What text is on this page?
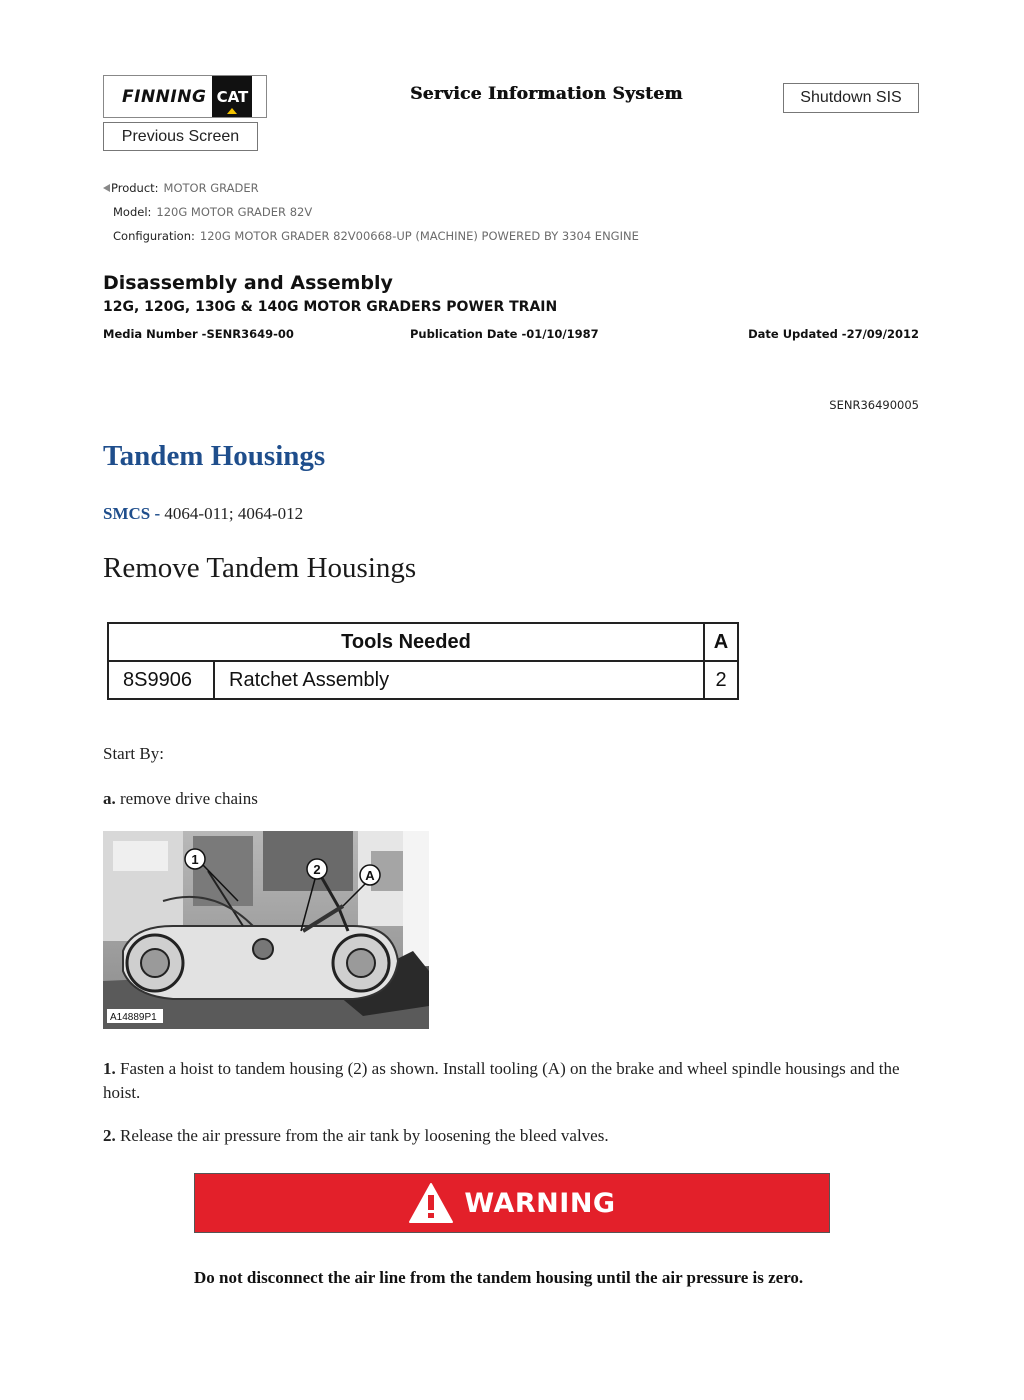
FINNING CAT	Service Information System	Shutdown SIS
Previous Screen
Product: MOTOR GRADER
Model: 120G MOTOR GRADER 82V
Configuration: 120G MOTOR GRADER 82V00668-UP (MACHINE) POWERED BY 3304 ENGINE
Disassembly and Assembly
12G, 120G, 130G & 140G MOTOR GRADERS POWER TRAIN
Media Number -SENR3649-00	Publication Date -01/10/1987	Date Updated -27/09/2012
SENR36490005
Tandem Housings
SMCS - 4064-011; 4064-012
Remove Tandem Housings
Tools Needed		A
8S9906	Ratchet Assembly	2
Start By:
a. remove drive chains
1
2	A
A14889P1
1. Fasten a hoist to tandem housing (2) as shown. Install tooling (A) on the brake and wheel spindle housings and the hoist.
2. Release the air pressure from the air tank by loosening the bleed valves.
WARNING
Do not disconnect the air line from the tandem housing until the air pressure is zero.
